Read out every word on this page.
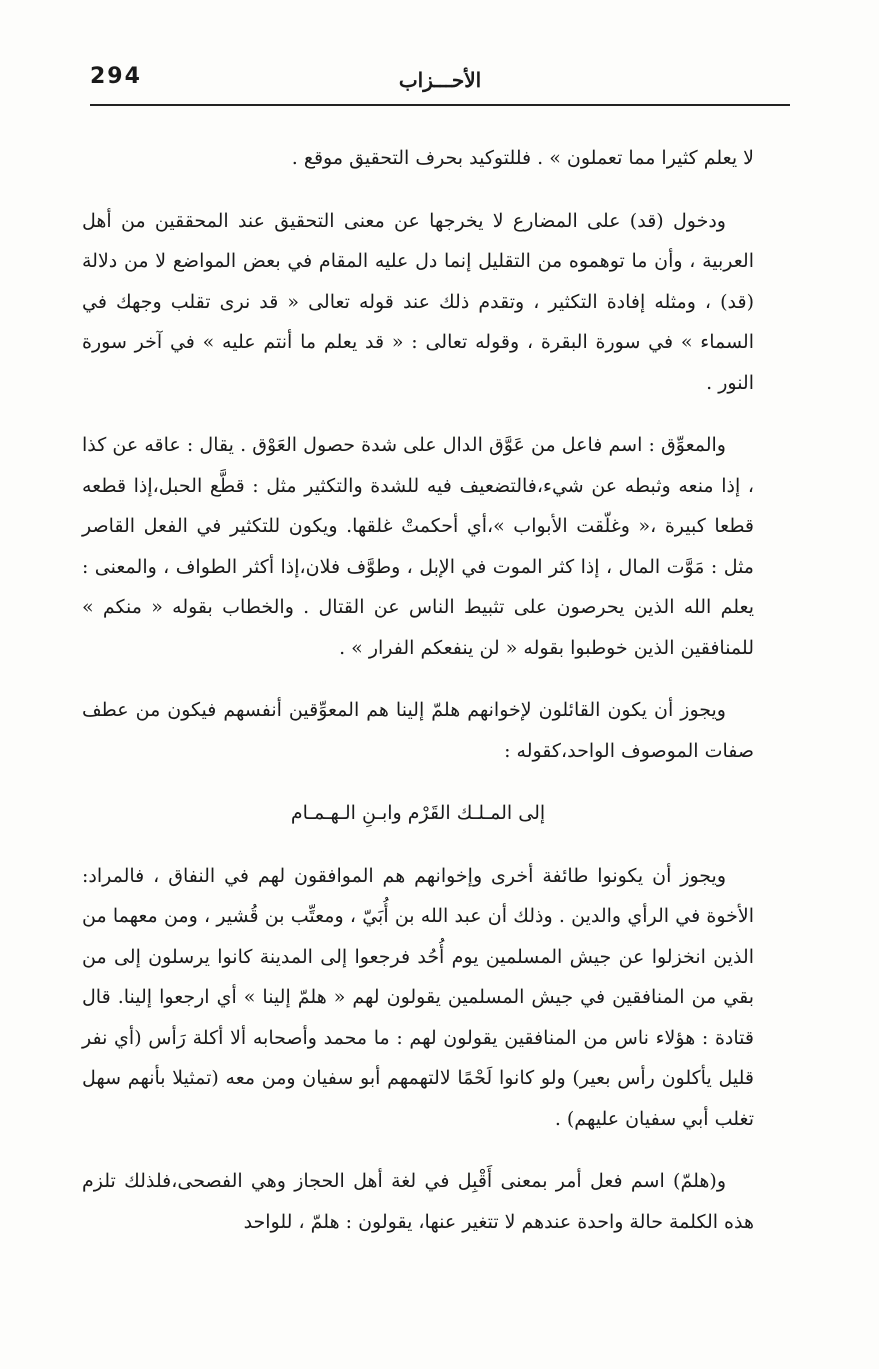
294	الأحـــزاب

لا يعلم كثيرا مما تعملون » . فللتوكيد بحرف التحقيق موقع .

ودخول (قد) على المضارع لا يخرجها عن معنى التحقيق عند المحققين من أهل العربية ، وأن ما توهموه من التقليل إنما دل عليه المقام في بعض المواضع لا من دلالة (قد) ، ومثله إفادة التكثير ، وتقدم ذلك عند قوله تعالى « قد نرى تقلب وجهك في السماء » في سورة البقرة ، وقوله تعالى : « قد يعلم ما أنتم عليه » في آخر سورة النور .

والمعوِّق : اسم فاعل من عَوَّق الدال على شدة حصول العَوْق . يقال : عاقه عن كذا ، إذا منعه وثبطه عن شيء،فالتضعيف فيه للشدة والتكثير مثل : قطَّع الحبل،إذا قطعه قطعا كبيرة ،« وغلّقت الأبواب »،أي أحكمتْ غلقها. ويكون للتكثير في الفعل القاصر مثل : مَوَّت المال ، إذا كثر الموت في الإبل ، وطوَّف فلان،إذا أكثر الطواف ، والمعنى : يعلم الله الذين يحرصون على تثبيط الناس عن القتال . والخطاب بقوله « منكم » للمنافقين الذين خوطبوا بقوله « لن ينفعكم الفرار » .

ويجوز أن يكون القائلون لإخوانهم هلمّ إلينا هم المعوِّقين أنفسهم فيكون من عطف صفات الموصوف الواحد،كقوله :

إلى المـلـك القَرْم وابـنِ الـهـمـام

ويجوز أن يكونوا طائفة أخرى وإخوانهم هم الموافقون لهم في النفاق ، فالمراد: الأخوة في الرأي والدين . وذلك أن عبد الله بن أُبَيّ ، ومعتِّب بن قُشير ، ومن معهما من الذين انخزلوا عن جيش المسلمين يوم أُحُد فرجعوا إلى المدينة كانوا يرسلون إلى من بقي من المنافقين في جيش المسلمين يقولون لهم « هلمّ إلينا » أي ارجعوا إلينا. قال قتادة : هؤلاء ناس من المنافقين يقولون لهم : ما محمد وأصحابه ألا أكلة رَأس (أي نفر قليل يأكلون رأس بعير) ولو كانوا لَحْمًا لالتهمهم أبو سفيان ومن معه (تمثيلا بأنهم سهل تغلب أبي سفيان عليهم) .

و(هلمّ) اسم فعل أمر بمعنى أَقْبِل في لغة أهل الحجاز وهي الفصحى،فلذلك تلزم هذه الكلمة حالة واحدة عندهم لا تتغير عنها، يقولون : هلمّ ، للواحد
